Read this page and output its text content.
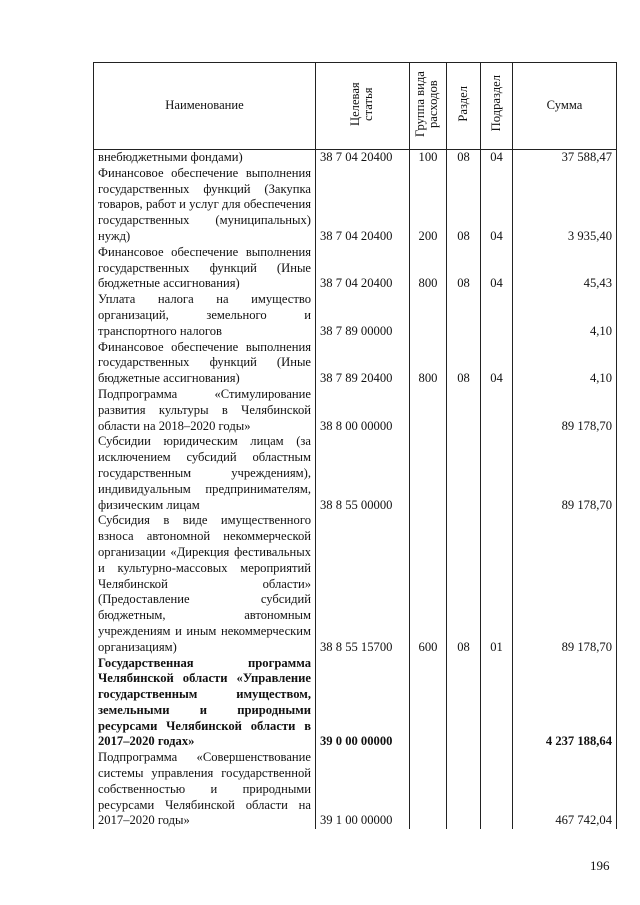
Наименование	Целевая статья	Группа вида расходов	Раздел	Подраздел	Сумма
внебюджетными фондами)	38 7 04 20400	100	08	04	37 588,47
Финансовое обеспечение выполнения государственных функций (Закупка товаров, работ и услуг для обеспечения государственных (муниципальных) нужд)	38 7 04 20400	200	08	04	3 935,40
Финансовое обеспечение выполнения государственных функций (Иные бюджетные ассигнования)	38 7 04 20400	800	08	04	45,43
Уплата налога на имущество организаций, земельного и транспортного налогов	38 7 89 00000				4,10
Финансовое обеспечение выполнения государственных функций (Иные бюджетные ассигнования)	38 7 89 20400	800	08	04	4,10
Подпрограмма «Стимулирование развития культуры в Челябинской области на 2018–2020 годы»	38 8 00 00000				89 178,70
Субсидии юридическим лицам (за исключением субсидий областным государственным учреждениям), индивидуальным предпринимателям, физическим лицам	38 8 55 00000				89 178,70
Субсидия в виде имущественного взноса автономной некоммерческой организации «Дирекция фестивальных и культурно-массовых мероприятий Челябинской области» (Предоставление субсидий бюджетным, автономным учреждениям и иным некоммерческим организациям)	38 8 55 15700	600	08	01	89 178,70
Государственная программа Челябинской области «Управление государственным имуществом, земельными и природными ресурсами Челябинской области в 2017–2020 годах»	39 0 00 00000				4 237 188,64
Подпрограмма «Совершенствование системы управления государственной собственностью и природными ресурсами Челябинской области на 2017–2020 годы»	39 1 00 00000				467 742,04
196
